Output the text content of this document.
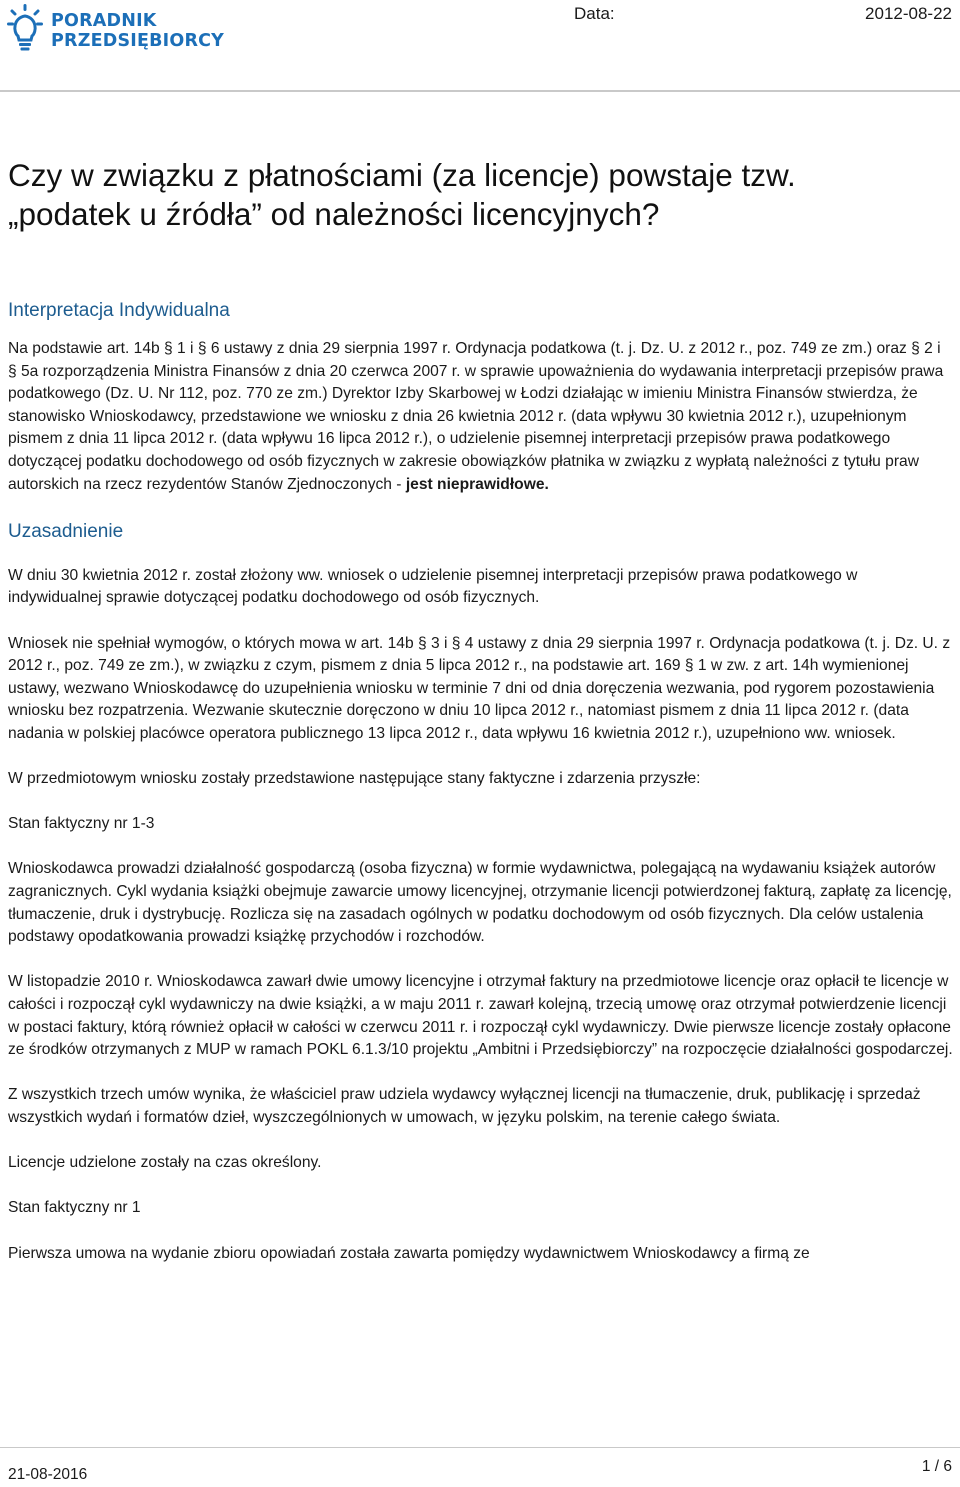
PORADNIK
PRZEDSIĘBIORCY
Data:	2012-08-22
Czy w związku z płatnościami (za licencje) powstaje tzw.
„podatek u źródła” od należności licencyjnych?

Interpretacja Indywidualna

Na podstawie art. 14b § 1 i § 6 ustawy z dnia 29 sierpnia 1997 r. Ordynacja podatkowa (t. j. Dz. U. z 2012 r., poz. 749 ze zm.) oraz § 2 i § 5a rozporządzenia Ministra Finansów z dnia 20 czerwca 2007 r. w sprawie upoważnienia do wydawania interpretacji przepisów prawa podatkowego (Dz. U. Nr 112, poz. 770 ze zm.) Dyrektor Izby Skarbowej w Łodzi działając w imieniu Ministra Finansów stwierdza, że stanowisko Wnioskodawcy, przedstawione we wniosku z dnia 26 kwietnia 2012 r. (data wpływu 30 kwietnia 2012 r.), uzupełnionym pismem z dnia 11 lipca 2012 r. (data wpływu 16 lipca 2012 r.), o udzielenie pisemnej interpretacji przepisów prawa podatkowego dotyczącej podatku dochodowego od osób fizycznych w zakresie obowiązków płatnika w związku z wypłatą należności z tytułu praw autorskich na rzecz rezydentów Stanów Zjednoczonych - jest nieprawidłowe.

Uzasadnienie

W dniu 30 kwietnia 2012 r. został złożony ww. wniosek o udzielenie pisemnej interpretacji przepisów prawa podatkowego w indywidualnej sprawie dotyczącej podatku dochodowego od osób fizycznych.

Wniosek nie spełniał wymogów, o których mowa w art. 14b § 3 i § 4 ustawy z dnia 29 sierpnia 1997 r. Ordynacja podatkowa (t. j. Dz. U. z 2012 r., poz. 749 ze zm.), w związku z czym, pismem z dnia 5 lipca 2012 r., na podstawie art. 169 § 1 w zw. z art. 14h wymienionej ustawy, wezwano Wnioskodawcę do uzupełnienia wniosku w terminie 7 dni od dnia doręczenia wezwania, pod rygorem pozostawienia wniosku bez rozpatrzenia. Wezwanie skutecznie doręczono w dniu 10 lipca 2012 r., natomiast pismem z dnia 11 lipca 2012 r. (data nadania w polskiej placówce operatora publicznego 13 lipca 2012 r., data wpływu 16 kwietnia 2012 r.), uzupełniono ww. wniosek.

W przedmiotowym wniosku zostały przedstawione następujące stany faktyczne i zdarzenia przyszłe:

Stan faktyczny nr 1-3

Wnioskodawca prowadzi działalność gospodarczą (osoba fizyczna) w formie wydawnictwa, polegającą na wydawaniu książek autorów zagranicznych. Cykl wydania książki obejmuje zawarcie umowy licencyjnej, otrzymanie licencji potwierdzonej fakturą, zapłatę za licencję, tłumaczenie, druk i dystrybucję. Rozlicza się na zasadach ogólnych w podatku dochodowym od osób fizycznych. Dla celów ustalenia podstawy opodatkowania prowadzi książkę przychodów i rozchodów.

W listopadzie 2010 r. Wnioskodawca zawarł dwie umowy licencyjne i otrzymał faktury na przedmiotowe licencje oraz opłacił te licencje w całości i rozpoczął cykl wydawniczy na dwie książki, a w maju 2011 r. zawarł kolejną, trzecią umowę oraz otrzymał potwierdzenie licencji w postaci faktury, którą również opłacił w całości w czerwcu 2011 r. i rozpoczął cykl wydawniczy. Dwie pierwsze licencje zostały opłacone ze środków otrzymanych z MUP w ramach POKL 6.1.3/10 projektu „Ambitni i Przedsiębiorczy” na rozpoczęcie działalności gospodarczej.

Z wszystkich trzech umów wynika, że właściciel praw udziela wydawcy wyłącznej licencji na tłumaczenie, druk, publikację i sprzedaż wszystkich wydań i formatów dzieł, wyszczególnionych w umowach, w języku polskim, na terenie całego świata.

Licencje udzielone zostały na czas określony.

Stan faktyczny nr 1

Pierwsza umowa na wydanie zbioru opowiadań została zawarta pomiędzy wydawnictwem Wnioskodawcy a firmą ze

21-08-2016	1 / 6
